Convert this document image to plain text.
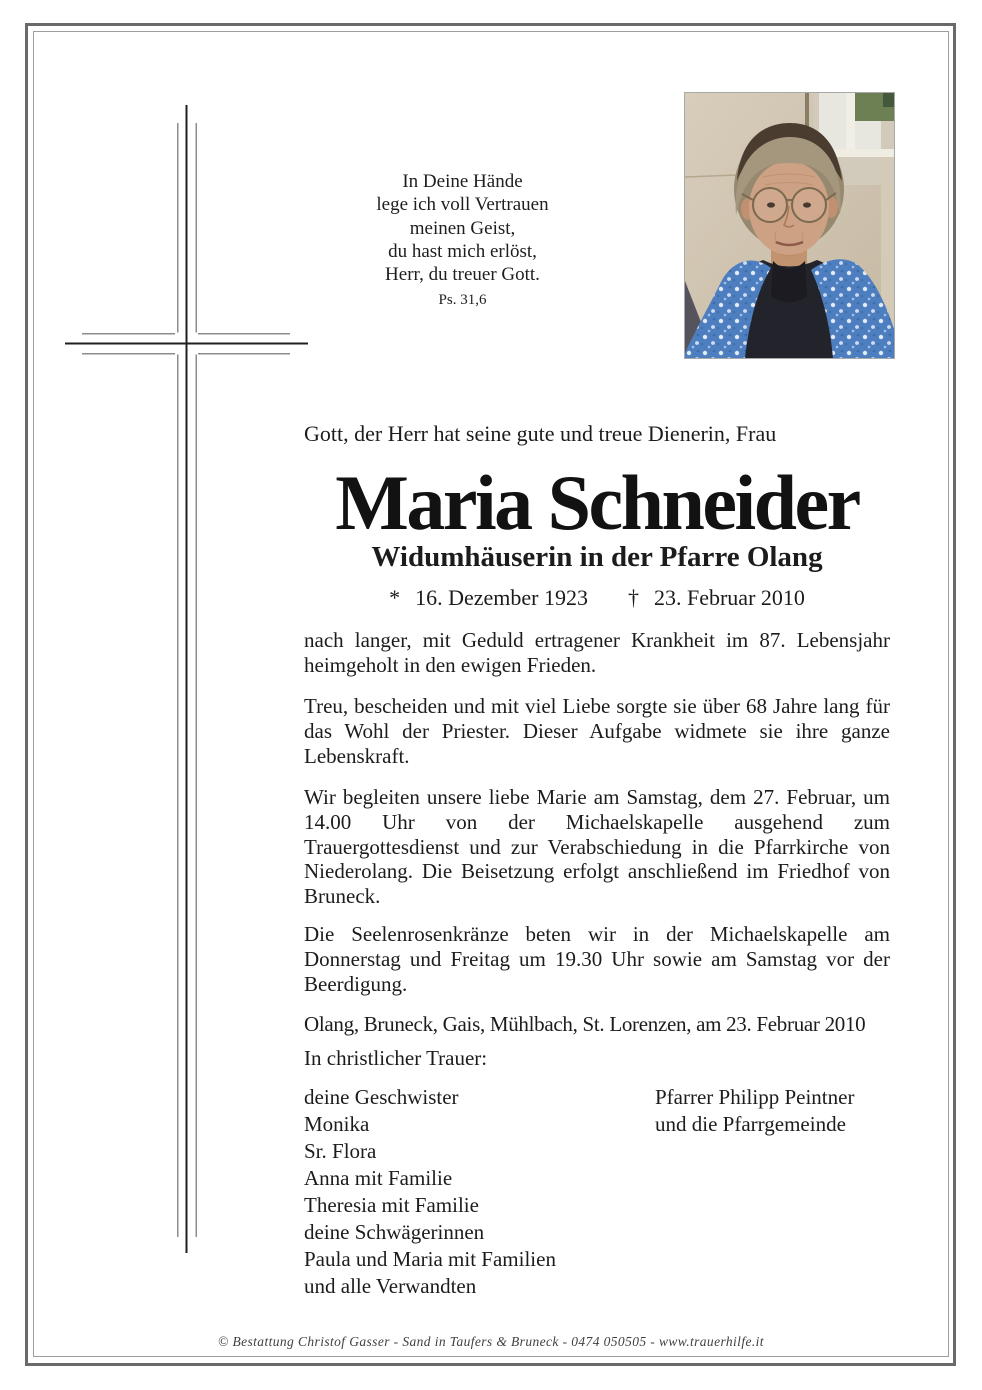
In Deine Hände
lege ich voll Vertrauen
meinen Geist,
du hast mich erlöst,
Herr, du treuer Gott.
Ps. 31,6

Gott, der Herr hat seine gute und treue Dienerin, Frau

Maria Schneider
Widumhäuserin in der Pfarre Olang
* 16. Dezember 1923 † 23. Februar 2010

nach langer, mit Geduld ertragener Krankheit im 87. Lebensjahr heimgeholt in den ewigen Frieden.

Treu, bescheiden und mit viel Liebe sorgte sie über 68 Jahre lang für das Wohl der Priester. Dieser Aufgabe widmete sie ihre ganze Lebenskraft.

Wir begleiten unsere liebe Marie am Samstag, dem 27. Februar, um 14.00 Uhr von der Michaelskapelle ausgehend zum Trauergottesdienst und zur Verabschiedung in die Pfarrkirche von Niederolang. Die Beisetzung erfolgt anschließend im Friedhof von Bruneck.

Die Seelenrosenkränze beten wir in der Michaelskapelle am Donnerstag und Freitag um 19.30 Uhr sowie am Samstag vor der Beerdigung.

Olang, Bruneck, Gais, Mühlbach, St. Lorenzen, am 23. Februar 2010

In christlicher Trauer:

deine Geschwister
Monika
Sr. Flora
Anna mit Familie
Theresia mit Familie
deine Schwägerinnen
Paula und Maria mit Familien
und alle Verwandten
Pfarrer Philipp Peintner
und die Pfarrgemeinde
© Bestattung Christof Gasser - Sand in Taufers & Bruneck - 0474 050505 - www.trauerhilfe.it
